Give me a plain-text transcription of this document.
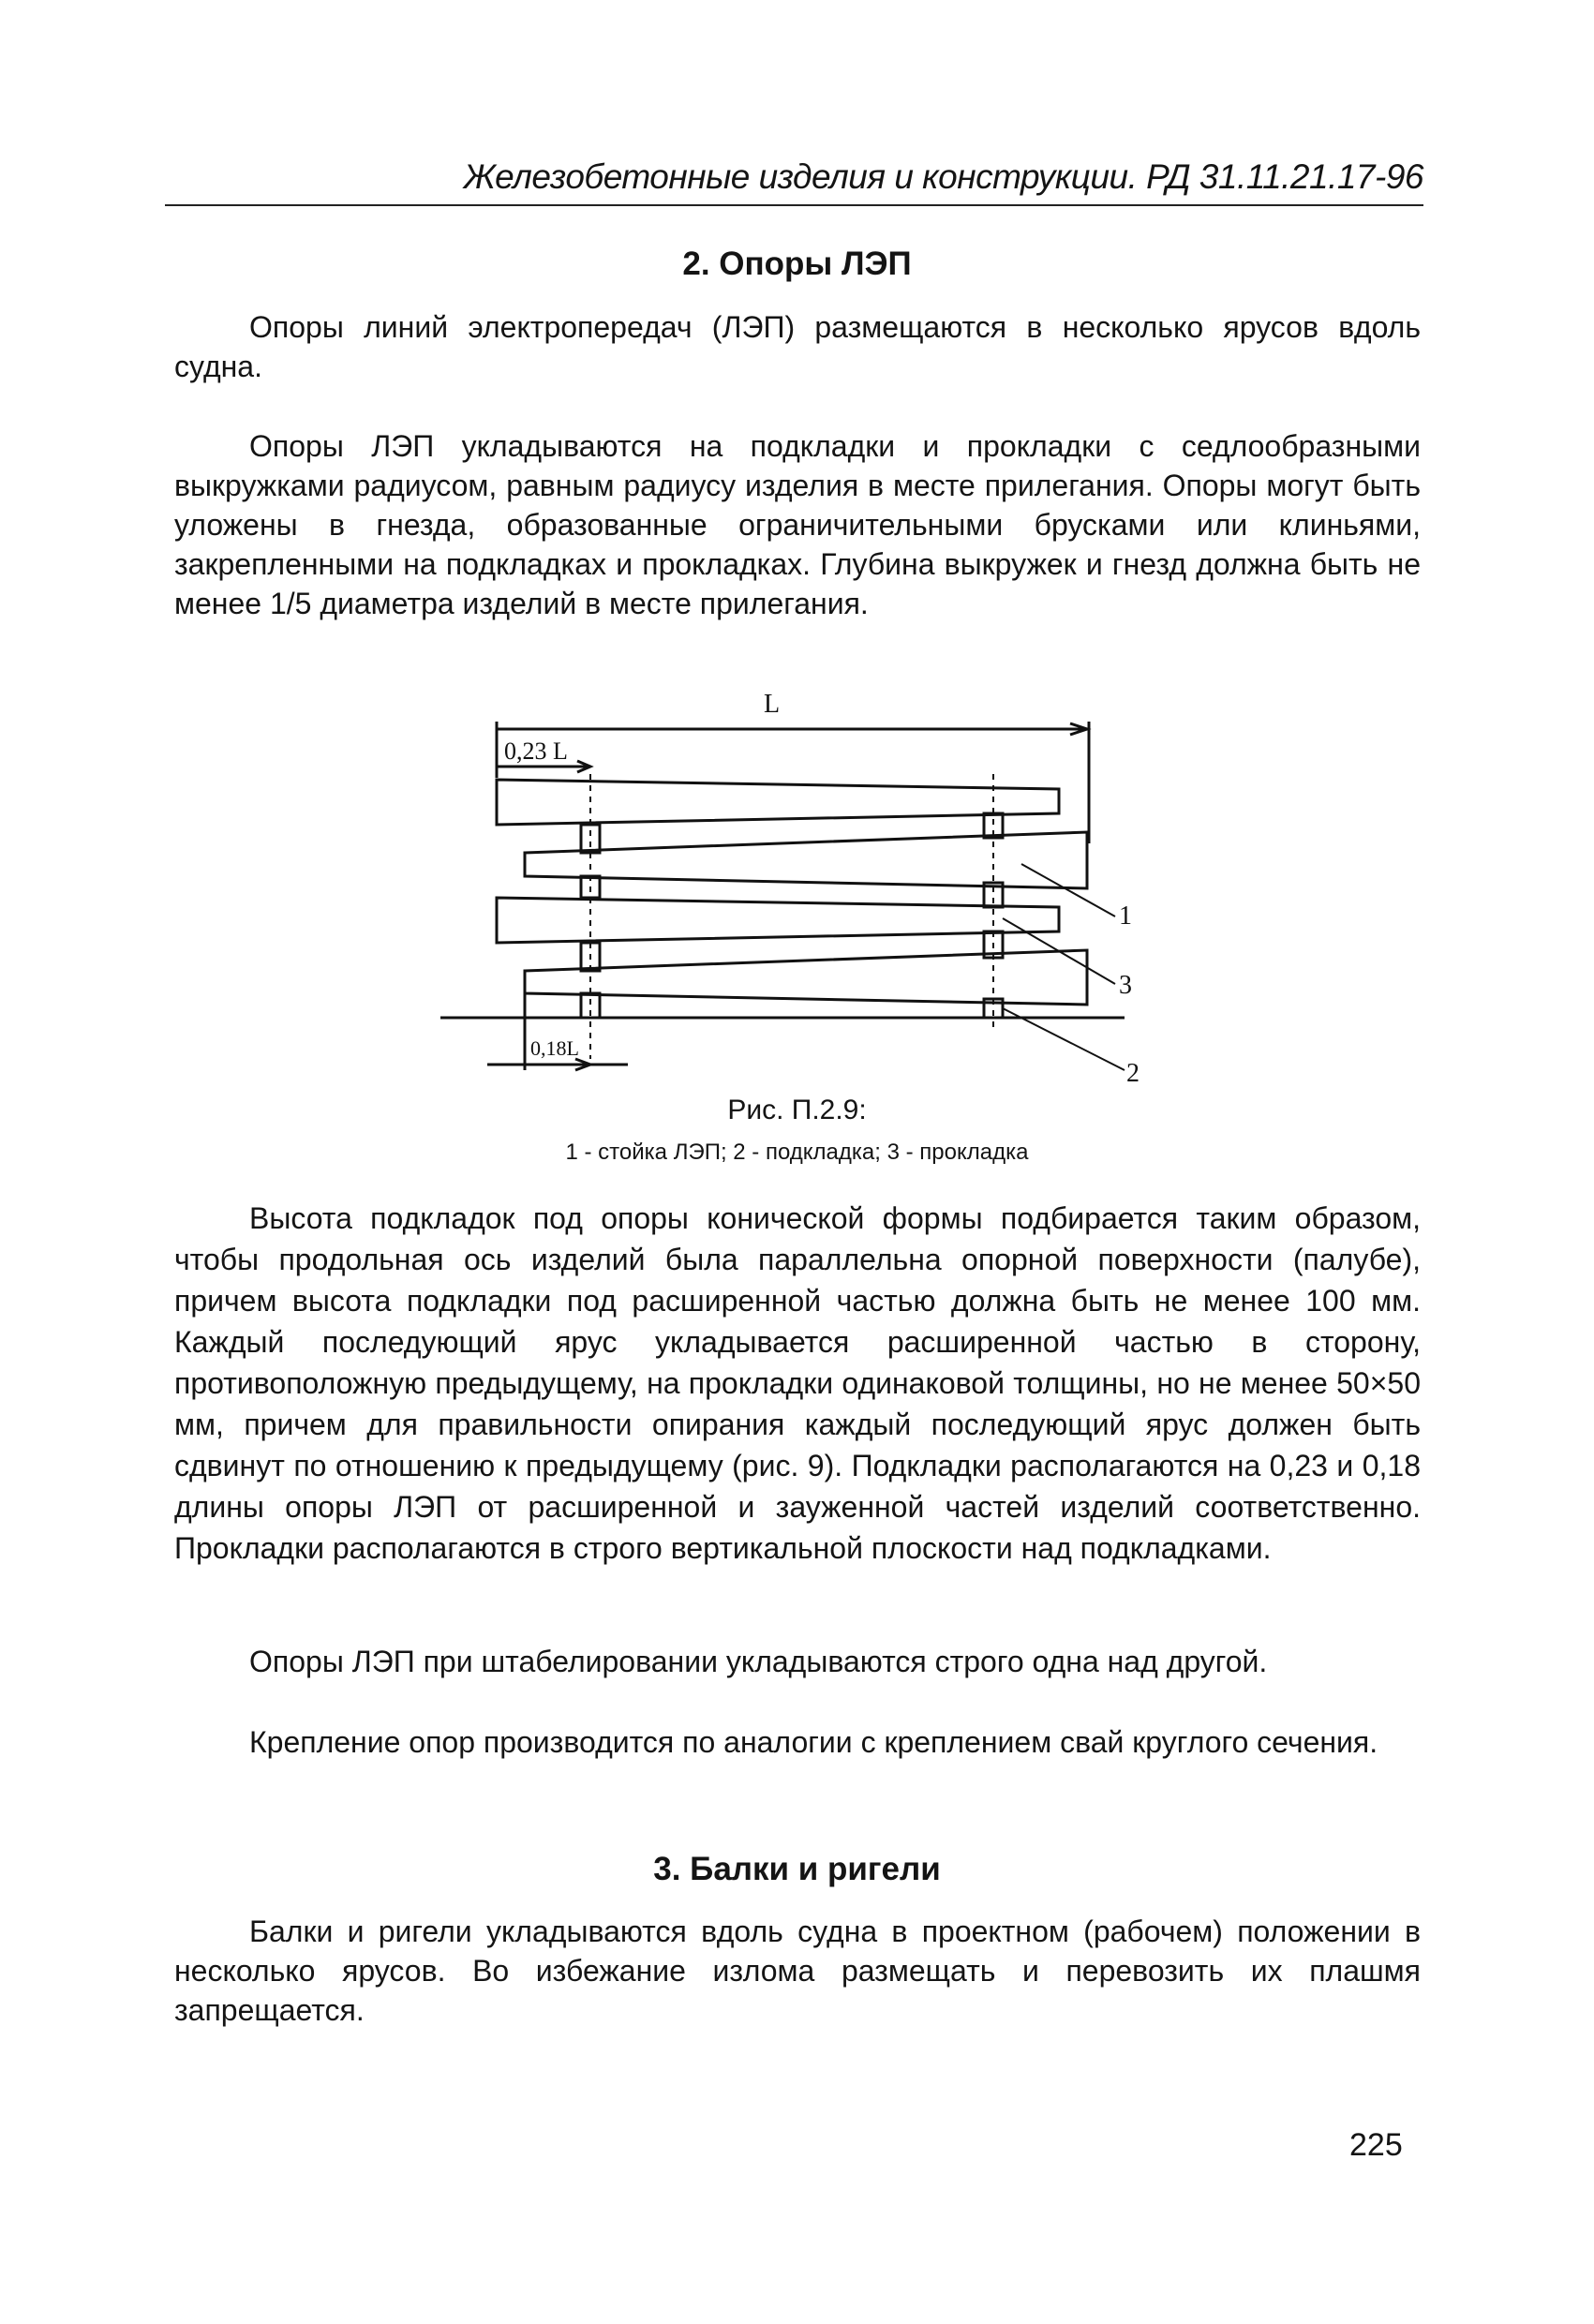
Железобетонные изделия и конструкции. РД 31.11.21.17-96
2. Опоры ЛЭП

Опоры линий электропередач (ЛЭП) размещаются в несколько ярусов вдоль судна.

Опоры ЛЭП укладываются на подкладки и прокладки с седлообразными выкружками радиусом, равным радиусу изделия в месте прилегания. Опоры могут быть уложены в гнезда, образованные ограничительными брусками или клиньями, закрепленными на подкладках и прокладках. Глубина выкружек и гнезд должна быть не менее 1/5 диаметра изделий в месте прилегания.

L
0,23 L
0,18L
1
3
2
Рис. П.2.9:
1 - стойка ЛЭП; 2 - подкладка; 3 - прокладка

Высота подкладок под опоры конической формы подбирается таким образом, чтобы продольная ось изделий была параллельна опорной поверхности (палубе), причем высота подкладки под расширенной частью должна быть не менее 100 мм. Каждый последующий ярус укладывается расширенной частью в сторону, противоположную предыдущему, на прокладки одинаковой толщины, но не менее 50×50 мм, причем для правильности опирания каждый последующий ярус должен быть сдвинут по отношению к предыдущему (рис. 9). Подкладки располагаются на 0,23 и 0,18 длины опоры ЛЭП от расширенной и зауженной частей изделий соответственно. Прокладки располагаются в строго вертикальной плоскости над подкладками.

Опоры ЛЭП при штабелировании укладываются строго одна над другой.

Крепление опор производится по аналогии с креплением свай круглого сечения.

3. Балки и ригели

Балки и ригели укладываются вдоль судна в проектном (рабочем) положении в несколько ярусов. Во избежание излома размещать и перевозить их плашмя запрещается.

225
